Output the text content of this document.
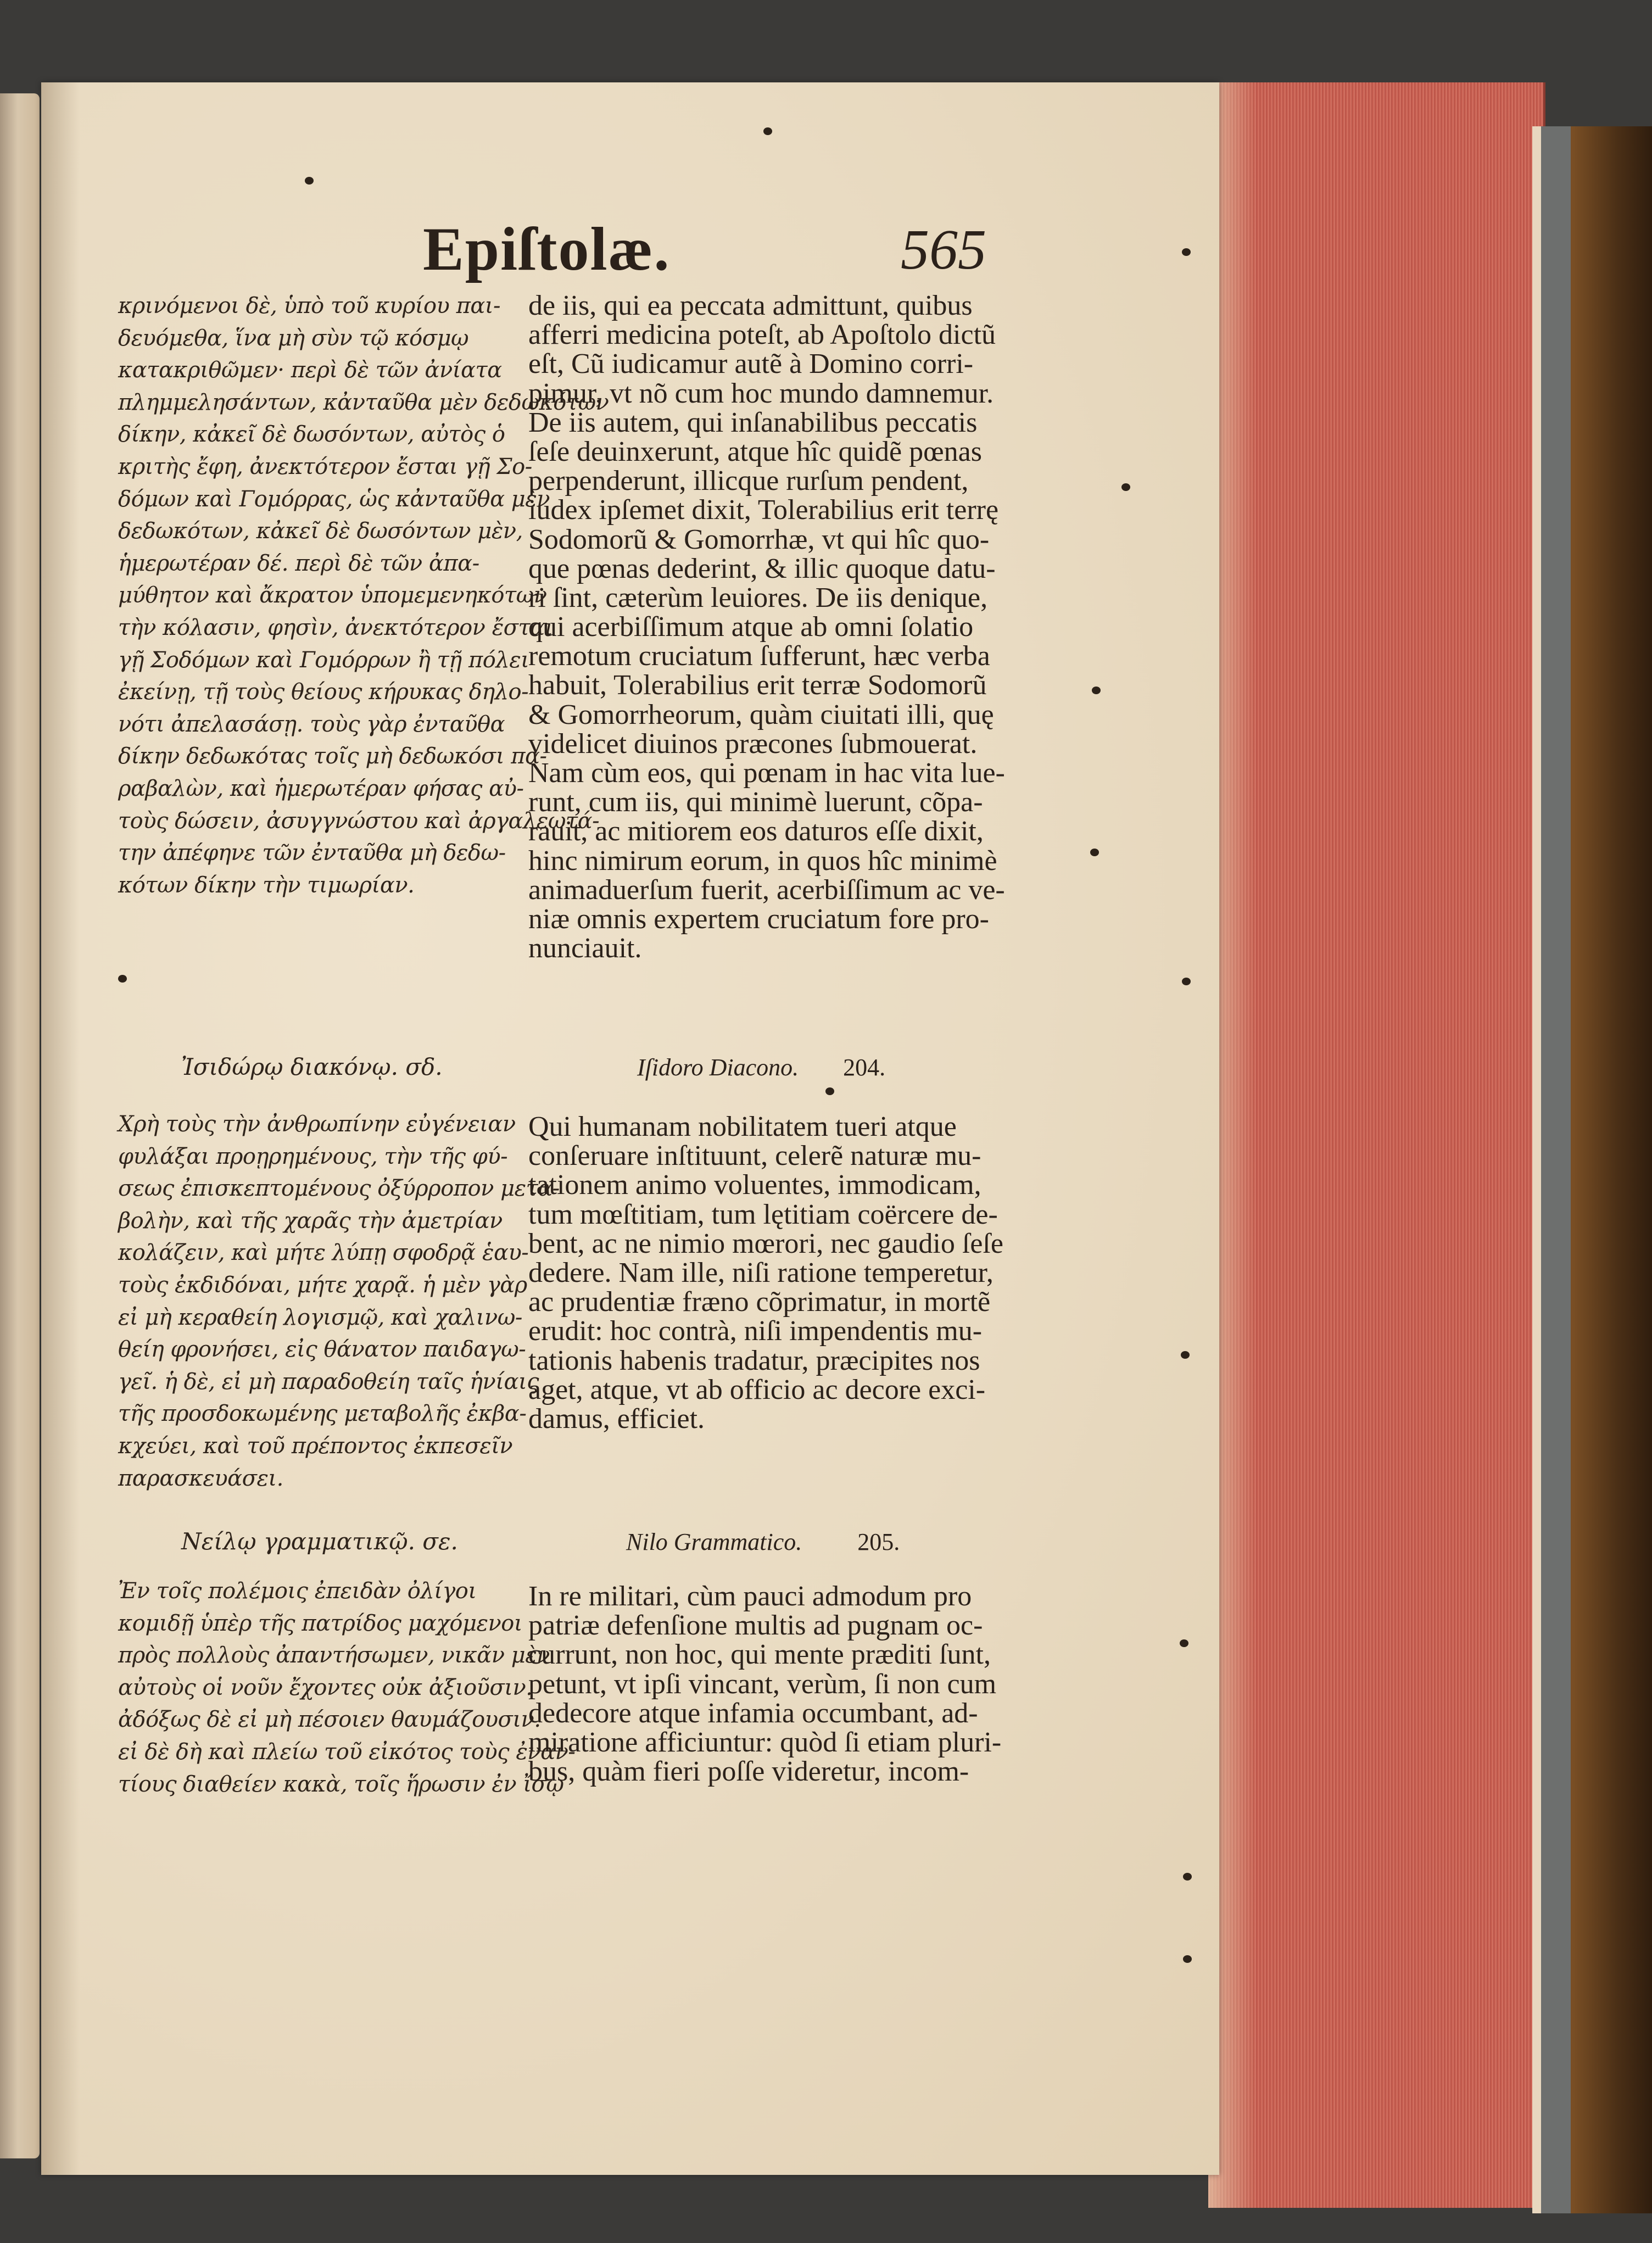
Epiſtolæ.	565
κρινόμενοι δὲ, ὑπὸ τοῦ κυρίου παι-
δευόμεθα, ἵνα μὴ σὺν τῷ κόσμῳ
κατακριθῶμεν· περὶ δὲ τῶν ἀνίατα
πλημμελησάντων, κἀνταῦθα μὲν δεδωκότων
δίκην, κἀκεῖ δὲ δωσόντων, αὐτὸς ὁ
κριτὴς ἔφη, ἀνεκτότερον ἔσται γῇ Σο-
δόμων καὶ Γομόρρας, ὡς κἀνταῦθα μὲν
δεδωκότων, κἀκεῖ δὲ δωσόντων μὲν,
ἡμερωτέραν δέ. περὶ δὲ τῶν ἀπα-
μύθητον καὶ ἄκρατον ὑπομεμενηκότων
τὴν κόλασιν, φησὶν, ἀνεκτότερον ἔσται
γῇ Σοδόμων καὶ Γομόρρων ἢ τῇ πόλει
ἐκείνῃ, τῇ τοὺς θείους κήρυκας δηλο-
νότι ἀπελασάσῃ. τοὺς γὰρ ἐνταῦθα
δίκην δεδωκότας τοῖς μὴ δεδωκόσι πα-
ραβαλὼν, καὶ ἡμερωτέραν φήσας αὐ-
τοὺς δώσειν, ἀσυγγνώστου καὶ ἀργαλεωτά-
την ἀπέφηνε τῶν ἐνταῦθα μὴ δεδω-
κότων δίκην τὴν τιμωρίαν.
de iis, qui ea peccata admittunt, quibus
afferri medicina poteſt, ab Apoſtolo dictũ
eſt, Cũ iudicamur autẽ à Domino corri-
pimur, vt nõ cum hoc mundo damnemur.
De iis autem, qui inſanabilibus peccatis
ſeſe deuinxerunt, atque hîc quidẽ pœnas
perpenderunt, illicque rurſum pendent,
iudex ipſemet dixit, Tolerabilius erit terrę
Sodomorũ & Gomorrhæ, vt qui hîc quo-
que pœnas dederint, & illic quoque datu-
ri ſint, cæterùm leuiores. De iis denique,
qui acerbiſſimum atque ab omni ſolatio
remotum cruciatum ſufferunt, hæc verba
habuit, Tolerabilius erit terræ Sodomorũ
& Gomorrheorum, quàm ciuitati illi, quę
videlicet diuinos præcones ſubmouerat.
Nam cùm eos, qui pœnam in hac vita lue-
runt, cum iis, qui minimè luerunt, cõpa-
rauit, ac mitiorem eos daturos eſſe dixit,
hinc nimirum eorum, in quos hîc minimè
animaduerſum fuerit, acerbiſſimum ac ve-
niæ omnis expertem cruciatum fore pro-
nunciauit.
Ἰσιδώρῳ διακόνῳ. σδ.	Iſidoro Diacono. 204.
Χρὴ τοὺς τὴν ἀνθρωπίνην εὐγένειαν
φυλάξαι προῃρημένους, τὴν τῆς φύ-
σεως ἐπισκεπτομένους ὀξύρροπον μετα-
βολὴν, καὶ τῆς χαρᾶς τὴν ἀμετρίαν
κολάζειν, καὶ μήτε λύπῃ σφοδρᾷ ἑαυ-
τοὺς ἐκδιδόναι, μήτε χαρᾷ. ἡ μὲν γὰρ
εἰ μὴ κεραθείη λογισμῷ, καὶ χαλινω-
θείη φρονήσει, εἰς θάνατον παιδαγω-
γεῖ. ἡ δὲ, εἰ μὴ παραδοθείη ταῖς ἡνίαις
τῆς προσδοκωμένης μεταβολῆς ἐκβα-
κχεύει, καὶ τοῦ πρέποντος ἐκπεσεῖν
παρασκευάσει.
Qui humanam nobilitatem tueri atque
conſeruare inſtituunt, celerẽ naturæ mu-
tationem animo voluentes, immodicam,
tum mœſtitiam, tum lętitiam coërcere de-
bent, ac ne nimio mœrori, nec gaudio ſeſe
dedere. Nam ille, niſi ratione temperetur,
ac prudentiæ fræno cõprimatur, in mortẽ
erudit: hoc contrà, niſi impendentis mu-
tationis habenis tradatur, præcipites nos
aget, atque, vt ab officio ac decore exci-
damus, efficiet.
Νείλῳ γραμματικῷ. σε.	Nilo Grammatico. 205.
Ἐν τοῖς πολέμοις ἐπειδὰν ὀλίγοι
κομιδῇ ὑπὲρ τῆς πατρίδος μαχόμενοι
πρὸς πολλοὺς ἀπαντήσωμεν, νικᾶν μὲν
αὐτοὺς οἱ νοῦν ἔχοντες οὐκ ἀξιοῦσιν.
ἀδόξως δὲ εἰ μὴ πέσοιεν θαυμάζουσιν.
εἰ δὲ δὴ καὶ πλείω τοῦ εἰκότος τοὺς ἐναν-
τίους διαθείεν κακὰ, τοῖς ἥρωσιν ἐν ἴσῳ
In re militari, cùm pauci admodum pro
patriæ defenſione multis ad pugnam oc-
currunt, non hoc, qui mente præditi ſunt,
petunt, vt ipſi vincant, verùm, ſi non cum
dedecore atque infamia occumbant, ad-
miratione afficiuntur: quòd ſi etiam pluri-
bus, quàm fieri poſſe videretur, incom-
